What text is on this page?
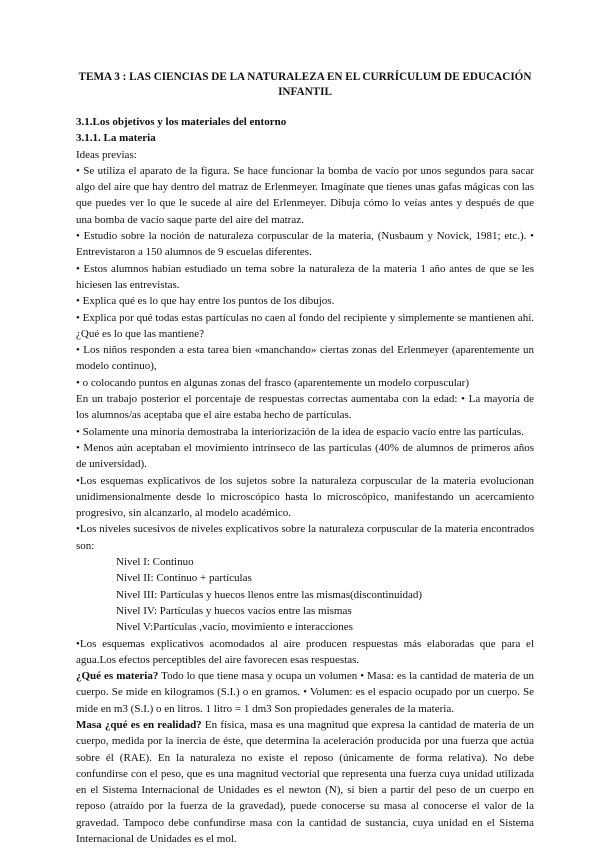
TEMA 3 : LAS CIENCIAS DE LA NATURALEZA EN EL CURRÍCULUM DE EDUCACIÓN INFANTIL
3.1.Los objetivos y los materiales del entorno
3.1.1. La materia

Ideas previas:

• Se utiliza el aparato de la figura. Se hace funcionar la bomba de vacío por unos segundos para sacar algo del aire que hay dentro del matraz de Erlenmeyer. Imagínate que tienes unas gafas mágicas con las que puedes ver lo que le sucede al aire del Erlenmeyer. Dibuja cómo lo veías antes y después de que una bomba de vacío saque parte del aire del matraz.

• Estudio sobre la noción de naturaleza corpuscular de la materia, (Nusbaum y Novick, 1981; etc.). • Entrevistaron a 150 alumnos de 9 escuelas diferentes.

• Estos alumnos habían estudiado un tema sobre la naturaleza de la materia 1 año antes de que se les hiciesen las entrevistas.

• Explica qué es lo que hay entre los puntos de los dibujos.

• Explica por qué todas estas partículas no caen al fondo del recipiente y simplemente se mantienen ahí. ¿Qué es lo que las mantiene?

• Los niños responden a esta tarea bien «manchando» ciertas zonas del Erlenmeyer (aparentemente un modelo continuo),

• o colocando puntos en algunas zonas del frasco (aparentemente un modelo corpuscular)

En un trabajo posterior el porcentaje de respuestas correctas aumentaba con la edad: • La mayoría de los alumnos/as aceptaba que el aire estaba hecho de partículas.

• Solamente una minoría demostraba la interiorización de la idea de espacio vacío entre las partículas.

• Menos aún aceptaban el movimiento intrínseco de las partículas (40% de alumnos de primeros años de universidad).

•Los esquemas explicativos de los sujetos sobre la naturaleza corpuscular de la materia evolucionan unidimensionalmente desde lo microscópico hasta lo microscópico, manifestando un acercamiento progresivo, sin alcanzarlo, al modelo académico.

•Los niveles sucesivos de niveles explicativos sobre la naturaleza corpuscular de la materia encontrados son:

Nivel I: Continuo

Nivel II: Continuo + partículas

Nivel III: Partículas y huecos llenos entre las mismas(discontinuidad)

Nivel IV: Partículas y huecos vacíos entre las mismas

Nivel V:Partículas ,vacío, movimiento e interacciones

•Los esquemas explicativos acomodados al aire producen respuestas más elaboradas que para el agua.Los efectos perceptibles del aire favorecen esas respuestas.

¿Qué es materia? Todo lo que tiene masa y ocupa un volumen • Masa: es la cantidad de materia de un cuerpo. Se mide en kilogramos (S.I.) o en gramos. • Volumen: es el espacio ocupado por un cuerpo. Se mide en m3 (S.I.) o en litros. 1 litro = 1 dm3 Son propiedades generales de la materia.

Masa ¿qué es en realidad? En física, masa es una magnitud que expresa la cantidad de materia de un cuerpo, medida por la inercia de éste, que determina la aceleración producida por una fuerza que actúa sobre él (RAE). En la naturaleza no existe el reposo (únicamente de forma relativa). No debe confundirse con el peso, que es una magnitud vectorial que representa una fuerza cuya unidad utilizada en el Sistema Internacional de Unidades es el newton (N), si bien a partir del peso de un cuerpo en reposo (atraído por la fuerza de la gravedad), puede conocerse su masa al conocerse el valor de la gravedad. Tampoco debe confundirse masa con la cantidad de sustancia, cuya unidad en el Sistema Internacional de Unidades es el mol.
